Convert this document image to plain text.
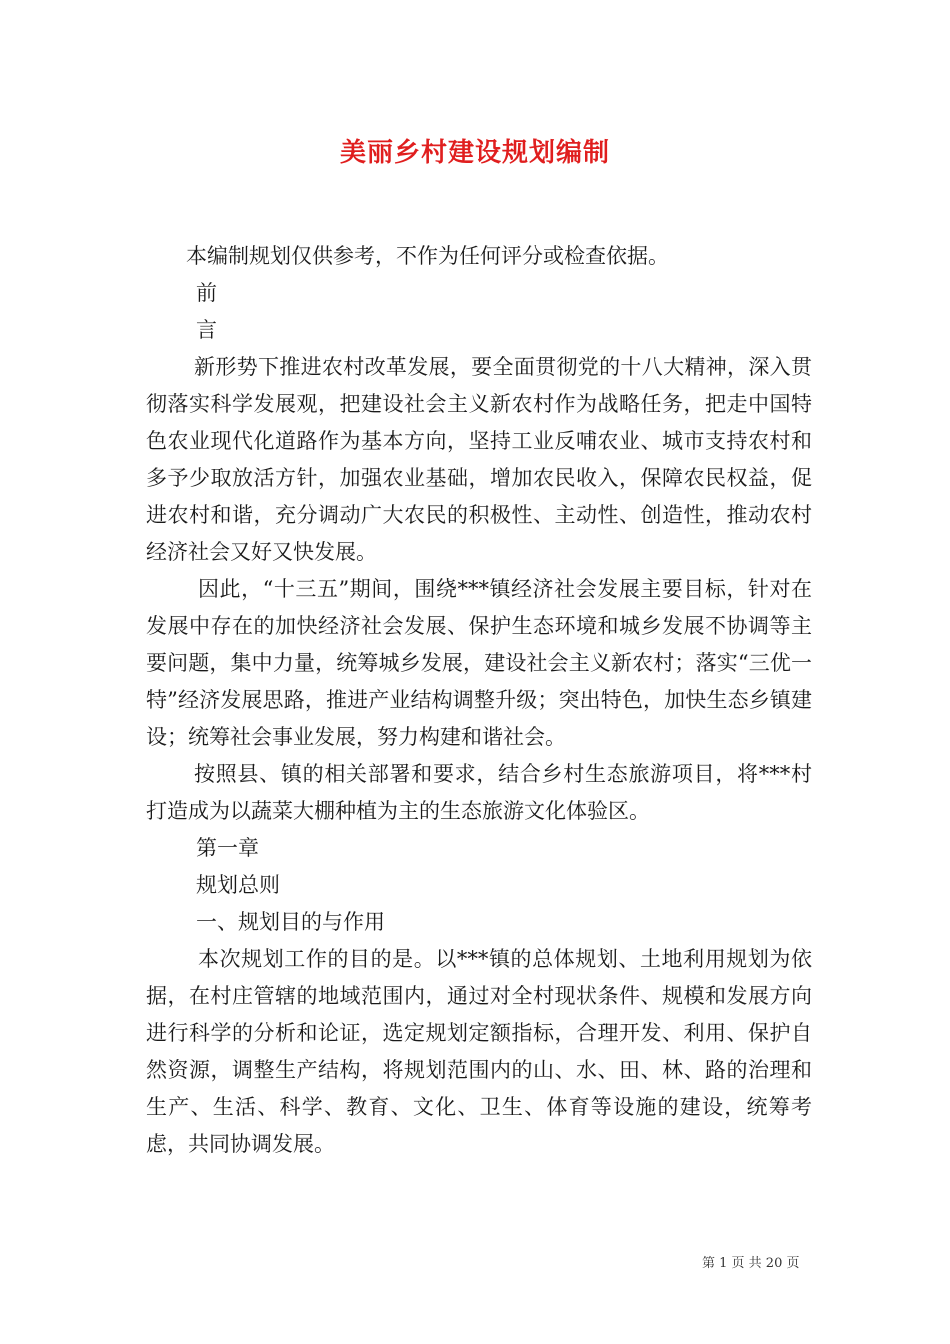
美丽乡村建设规划编制

本编制规划仅供参考，不作为任何评分或检查依据。

前

言

新形势下推进农村改革发展，要全面贯彻党的十八大精神，深入贯彻落实科学发展观，把建设社会主义新农村作为战略任务，把走中国特色农业现代化道路作为基本方向，坚持工业反哺农业、城市支持农村和多予少取放活方针，加强农业基础，增加农民收入，保障农民权益，促进农村和谐，充分调动广大农民的积极性、主动性、创造性，推动农村经济社会又好又快发展。

因此，“十三五”期间，围绕***镇经济社会发展主要目标，针对在发展中存在的加快经济社会发展、保护生态环境和城乡发展不协调等主要问题，集中力量，统筹城乡发展，建设社会主义新农村；落实“三优一特”经济发展思路，推进产业结构调整升级；突出特色，加快生态乡镇建设；统筹社会事业发展，努力构建和谐社会。

按照县、镇的相关部署和要求，结合乡村生态旅游项目，将***村打造成为以蔬菜大棚种植为主的生态旅游文化体验区。

第一章

规划总则

一、规划目的与作用

本次规划工作的目的是。以***镇的总体规划、土地利用规划为依据，在村庄管辖的地域范围内，通过对全村现状条件、规模和发展方向进行科学的分析和论证，选定规划定额指标，合理开发、利用、保护自然资源，调整生产结构，将规划范围内的山、水、田、林、路的治理和生产、生活、科学、教育、文化、卫生、体育等设施的建设，统筹考虑，共同协调发展。

第 1 页 共 20 页
